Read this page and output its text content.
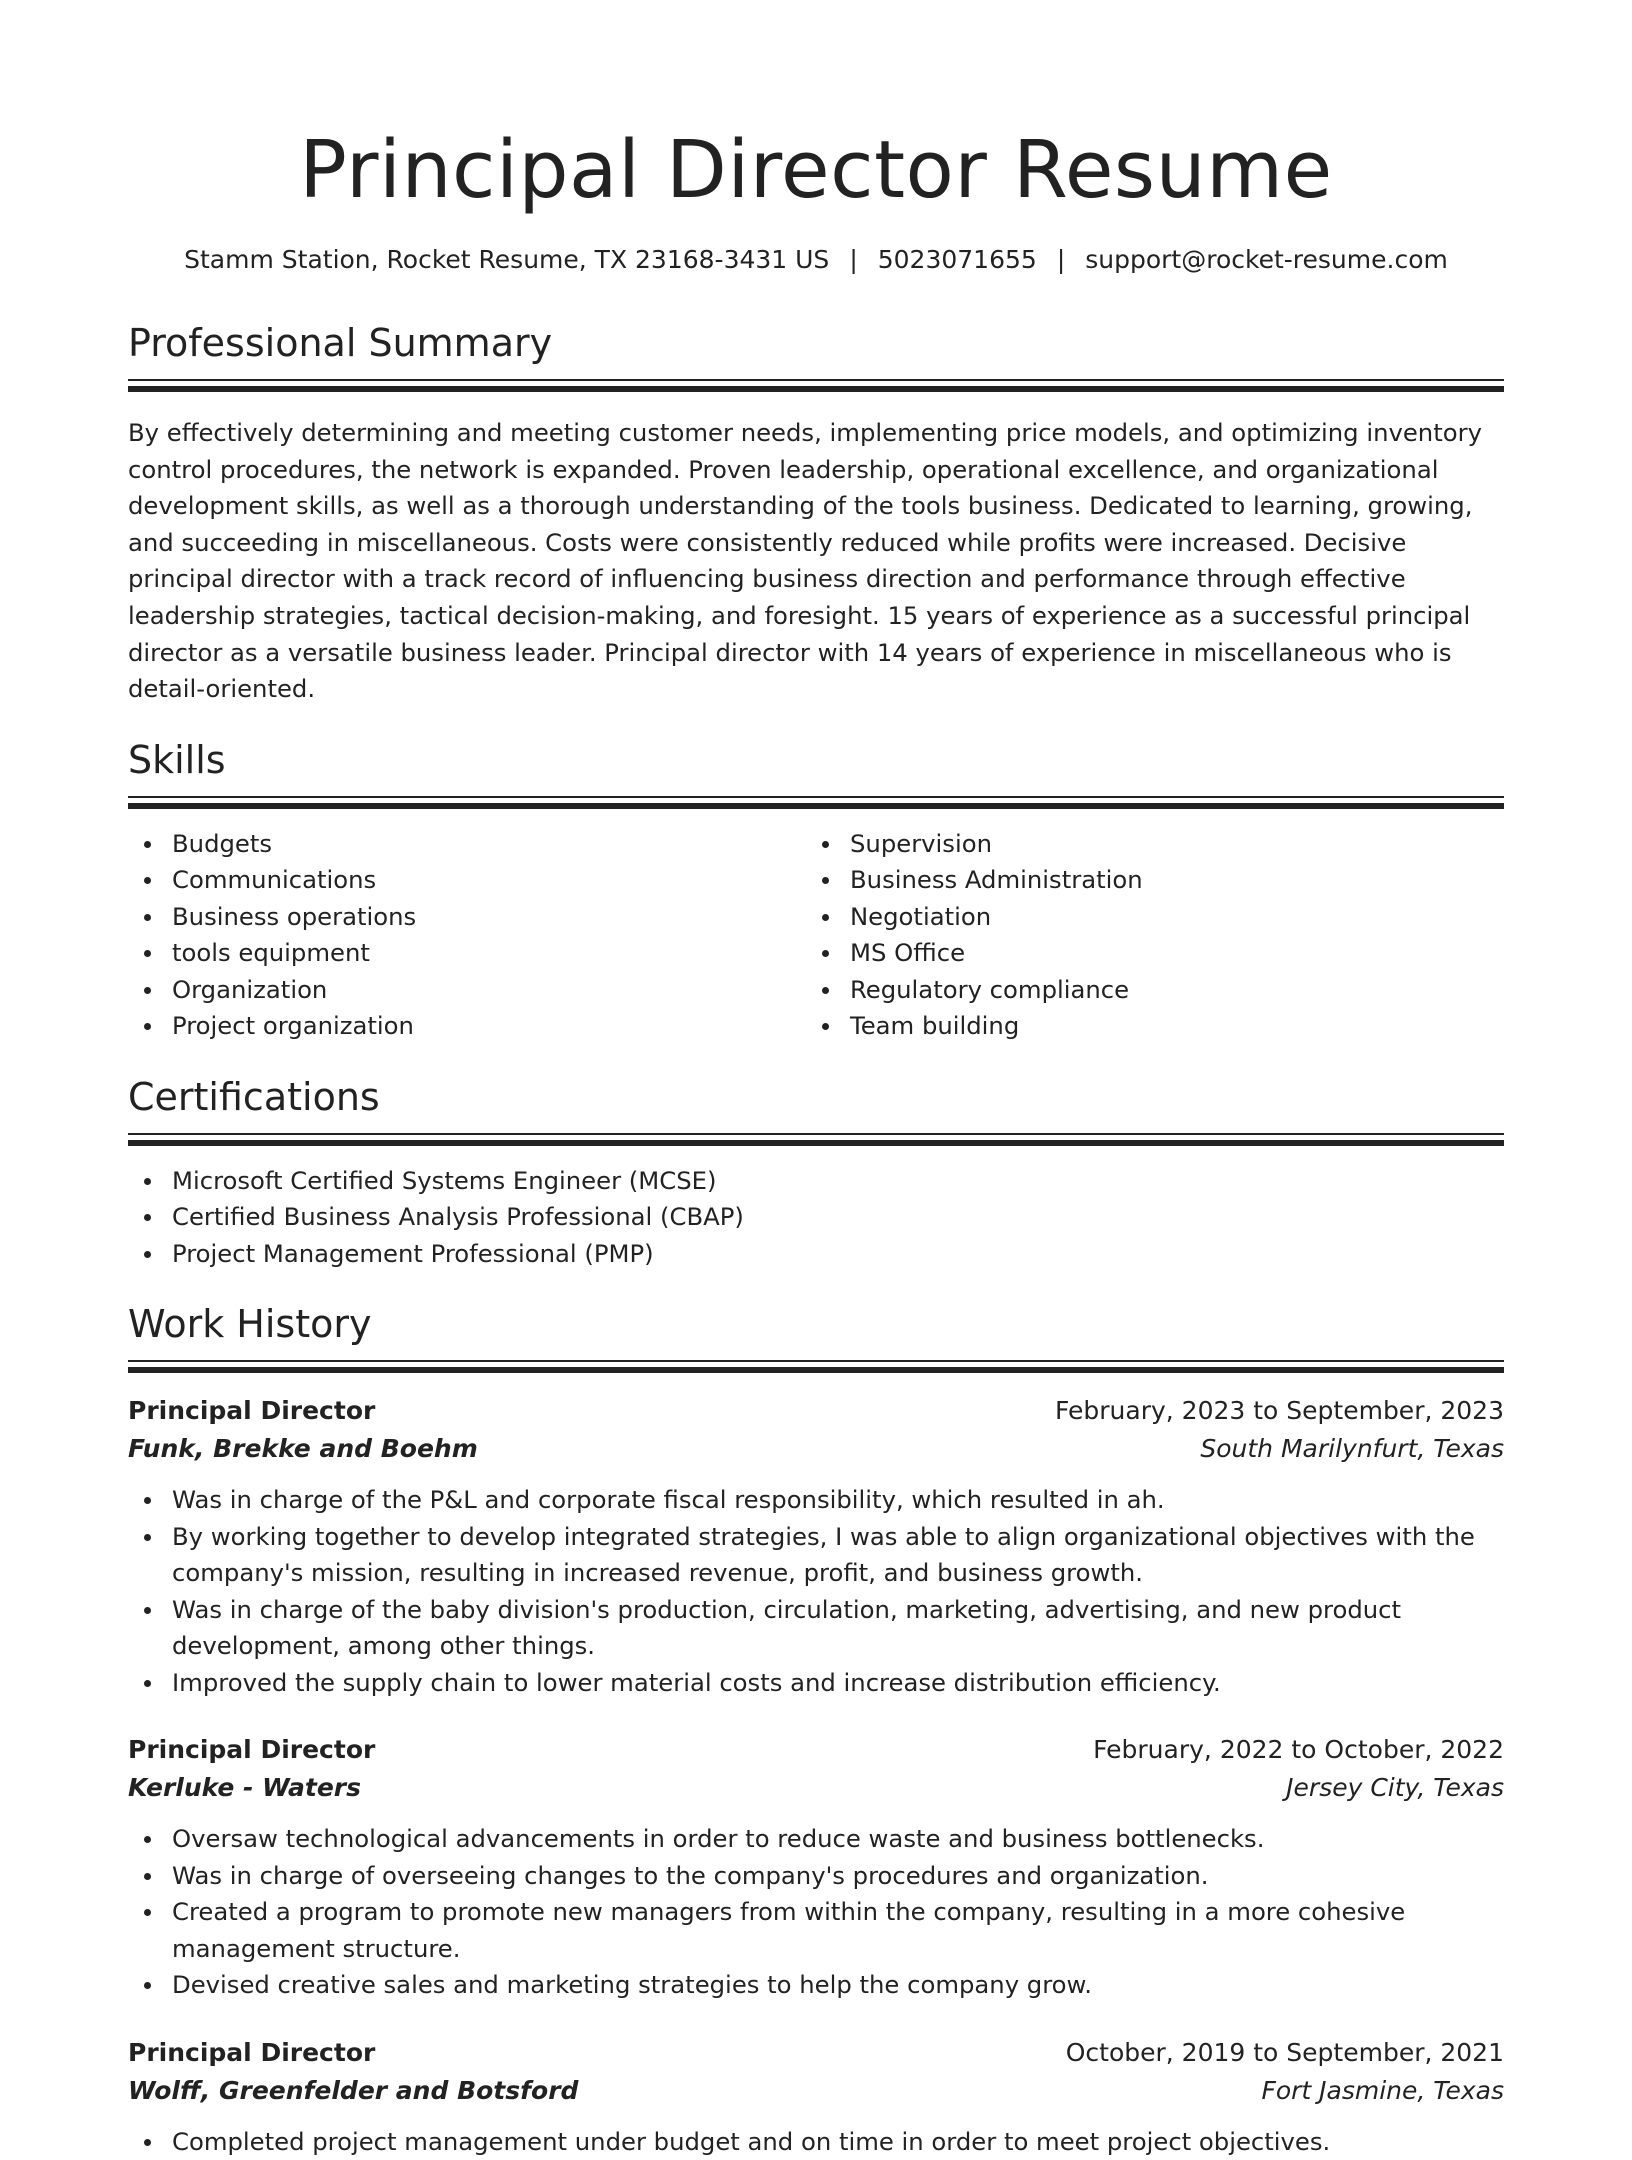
Principal Director Resume
Stamm Station, Rocket Resume, TX 23168-3431 US | 5023071655 | support@rocket-resume.com
Professional Summary

By effectively determining and meeting customer needs, implementing price models, and optimizing inventory control procedures, the network is expanded. Proven leadership, operational excellence, and organizational development skills, as well as a thorough understanding of the tools business. Dedicated to learning, growing, and succeeding in miscellaneous. Costs were consistently reduced while profits were increased. Decisive principal director with a track record of influencing business direction and performance through effective leadership strategies, tactical decision-making, and foresight. 15 years of experience as a successful principal director as a versatile business leader. Principal director with 14 years of experience in miscellaneous who is detail-oriented.

Skills
Budgets
Communications
Business operations
tools equipment
Organization
Project organization
Supervision
Business Administration
Negotiation
MS Office
Regulatory compliance
Team building
Certifications
Microsoft Certified Systems Engineer (MCSE)
Certified Business Analysis Professional (CBAP)
Project Management Professional (PMP)
Work History
Principal Director	February, 2023 to September, 2023
Funk, Brekke and Boehm	South Marilynfurt, Texas
Was in charge of the P&L and corporate fiscal responsibility, which resulted in ah.
By working together to develop integrated strategies, I was able to align organizational objectives with the company's mission, resulting in increased revenue, profit, and business growth.
Was in charge of the baby division's production, circulation, marketing, advertising, and new product development, among other things.
Improved the supply chain to lower material costs and increase distribution efficiency.
Principal Director	February, 2022 to October, 2022
Kerluke - Waters	Jersey City, Texas
Oversaw technological advancements in order to reduce waste and business bottlenecks.
Was in charge of overseeing changes to the company's procedures and organization.
Created a program to promote new managers from within the company, resulting in a more cohesive management structure.
Devised creative sales and marketing strategies to help the company grow.
Principal Director	October, 2019 to September, 2021
Wolff, Greenfelder and Botsford	Fort Jasmine, Texas
Completed project management under budget and on time in order to meet project objectives.
